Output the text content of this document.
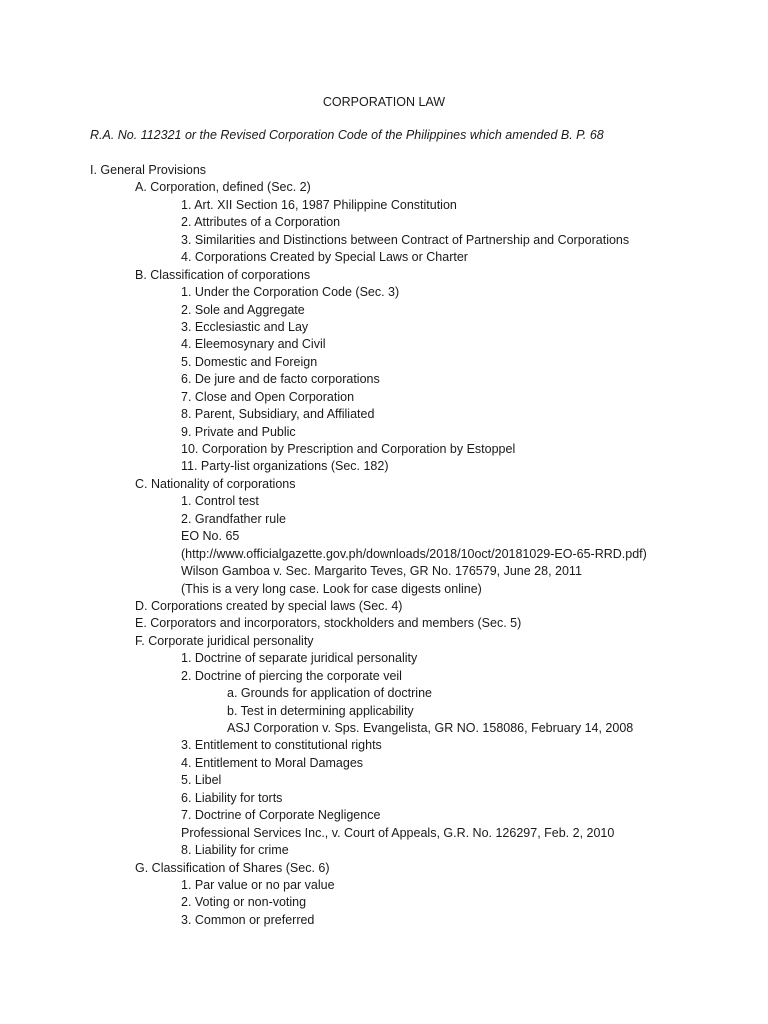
CORPORATION LAW
R.A. No. 112321 or the Revised Corporation Code of the Philippines which amended B. P. 68
I. General Provisions
A. Corporation, defined (Sec. 2)
1. Art. XII Section 16, 1987 Philippine Constitution
2. Attributes of a Corporation
3. Similarities and Distinctions between Contract of Partnership and Corporations
4. Corporations Created by Special Laws or Charter
B. Classification of corporations
1. Under the Corporation Code (Sec. 3)
2. Sole and Aggregate
3. Ecclesiastic and Lay
4. Eleemosynary and Civil
5. Domestic and Foreign
6. De jure and de facto corporations
7. Close and Open Corporation
8. Parent, Subsidiary, and Affiliated
9. Private and Public
10. Corporation by Prescription and Corporation by Estoppel
11. Party-list organizations (Sec. 182)
C. Nationality of corporations
1. Control test
2. Grandfather rule
EO No. 65
(http://www.officialgazette.gov.ph/downloads/2018/10oct/20181029-EO-65-RRD.pdf)
Wilson Gamboa v. Sec. Margarito Teves, GR No. 176579, June 28, 2011
(This is a very long case. Look for case digests online)
D. Corporations created by special laws (Sec. 4)
E. Corporators and incorporators, stockholders and members (Sec. 5)
F. Corporate juridical personality
1. Doctrine of separate juridical personality
2. Doctrine of piercing the corporate veil
a. Grounds for application of doctrine
b. Test in determining applicability
ASJ Corporation v. Sps. Evangelista, GR NO. 158086, February 14, 2008
3. Entitlement to constitutional rights
4. Entitlement to Moral Damages
5. Libel
6. Liability for torts
7. Doctrine of Corporate Negligence
Professional Services Inc., v. Court of Appeals, G.R. No. 126297, Feb. 2, 2010
8. Liability for crime
G. Classification of Shares (Sec. 6)
1. Par value or no par value
2. Voting or non-voting
3. Common or preferred
